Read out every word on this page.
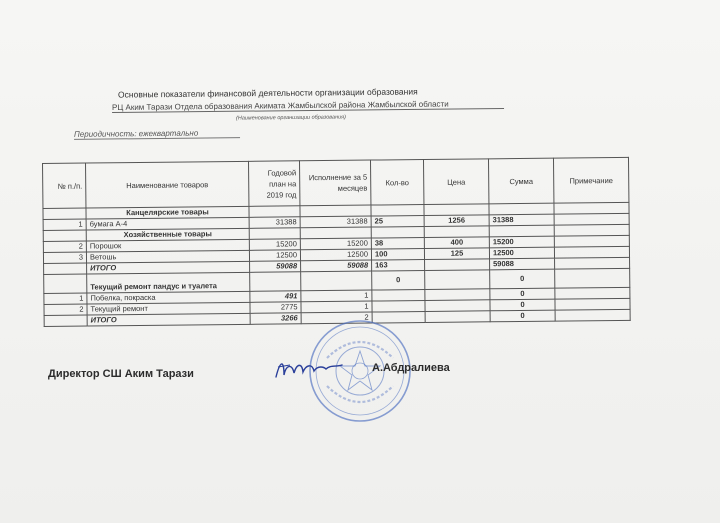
Основные показатели финансовой деятельности организации образования
РЦ Аким Тарази Отдела образования Акимата Жамбылской района Жамбылской области
(Наименование организации образования)
Периодичность: ежеквартально
№ п./п.	Наименование товаров	Годовой план на 2019 год	Исполнение за 5 месяцев	Кол-во	Цена	Сумма	Примечание
	Канцелярские товары						
1	бумага А-4	31388	31388	25	1256	31388	
	Хозяйственные товары						
2	Порошок	15200	15200	38	400	15200	
3	Ветошь	12500	12500	100	125	12500	
	ИТОГО	59088	59088	163		59088	
	Текущий ремонт пандус и туалета			0		0	
1	Побелка, покраска	491	1			0	
2	Текущий ремонт	2775	1			0	
	ИТОГО	3266	2			0	
Директор СШ Аким Тарази	А.Абдралиева
